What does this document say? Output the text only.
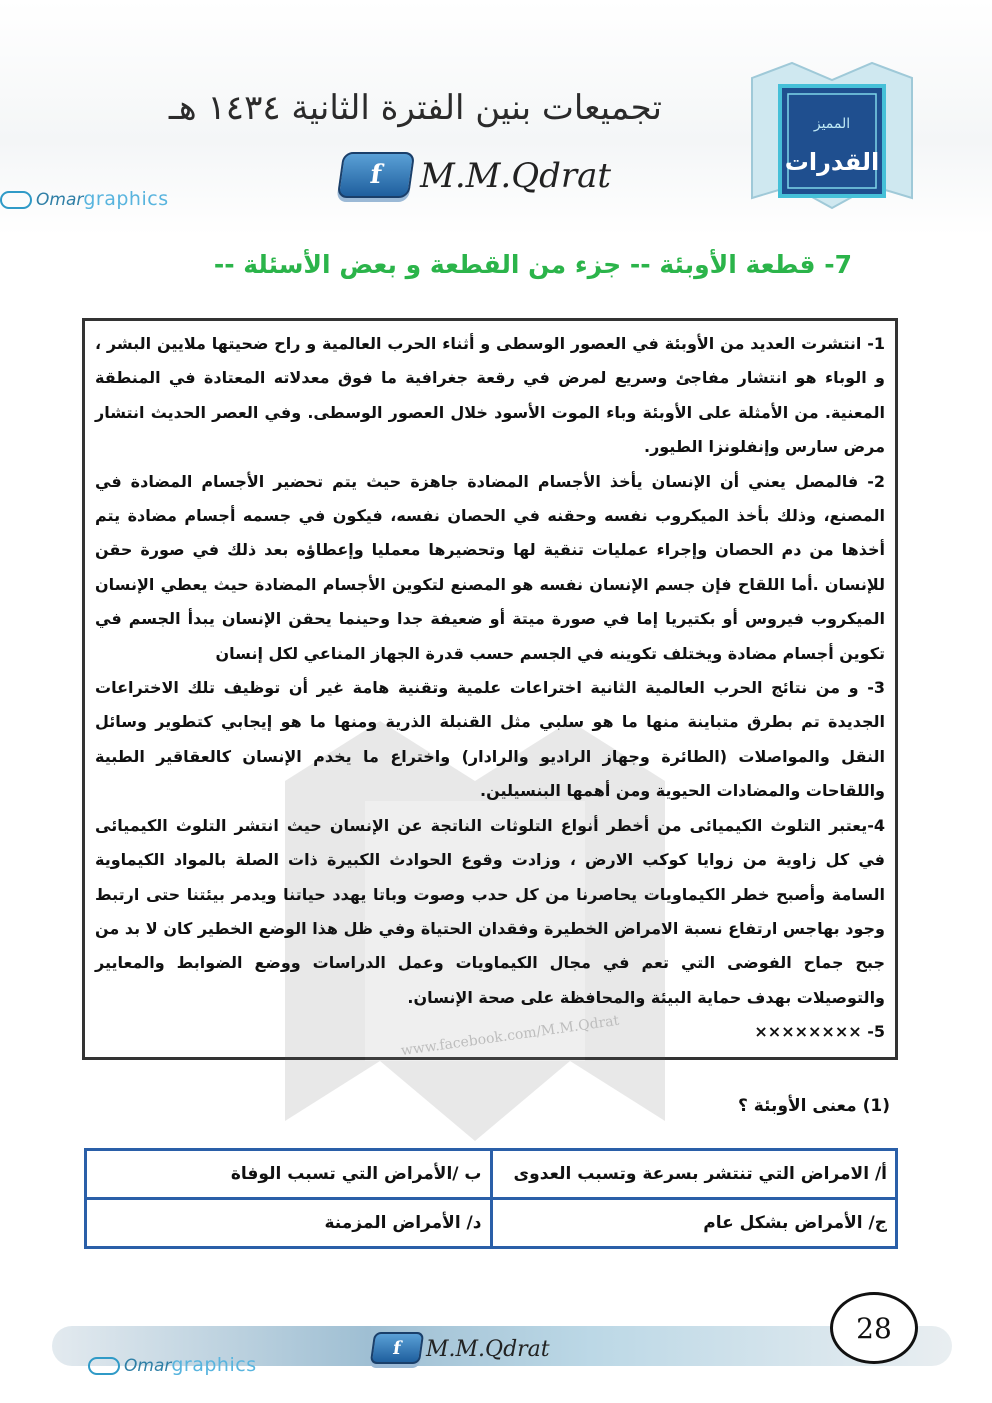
تجميعات بنين الفترة الثانية ١٤٣٤ هـ
f M.M.Qdrat
Omargraphics
القدرات
المميز
7- قطعة الأوبئة -- جزء من القطعة و بعض الأسئلة --

1- انتشرت العديد من الأوبئة في العصور الوسطى و أثناء الحرب العالمية و راح ضحيتها ملايين البشر ، و الوباء هو انتشار مفاجئ وسريع لمرض في رقعة جغرافية ما فوق معدلاته المعتادة في المنطقة المعنية. من الأمثلة على الأوبئة وباء الموت الأسود خلال العصور الوسطى. وفي العصر الحديث انتشار مرض سارس وإنفلونزا الطيور.

2- فالمصل يعني أن الإنسان يأخذ الأجسام المضادة جاهزة حيث يتم تحضير الأجسام المضادة في المصنع، وذلك بأخذ الميكروب نفسه وحقنه في الحصان نفسه، فيكون في جسمه أجسام مضادة يتم أخذها من دم الحصان وإجراء عمليات تنقية لها وتحضيرها معمليا وإعطاؤه بعد ذلك في صورة حقن للإنسان .أما اللقاح فإن جسم الإنسان نفسه هو المصنع لتكوين الأجسام المضادة حيث يعطي الإنسان الميكروب فيروس أو بكتيريا إما في صورة ميتة أو ضعيفة جدا وحينما يحقن الإنسان يبدأ الجسم في تكوين أجسام مضادة ويختلف تكوينه في الجسم حسب قدرة الجهاز المناعي لكل إنسان

3- و من نتائج الحرب العالمية الثانية اختراعات علمية وتقنية هامة غير أن توظيف تلك الاختراعات الجديدة تم بطرق متباينة منها ما هو سلبي مثل القنبلة الذرية ومنها ما هو إيجابي كتطوير وسائل النقل والمواصلات (الطائرة وجهاز الراديو والرادار) واختراع ما يخدم الإنسان كالعقاقير الطبية واللقاحات والمضادات الحيوية ومن أهمها البنسيلين.

4-يعتبر التلوث الكيميائى من أخطر أنواع التلوثات الناتجة عن الإنسان حيث انتشر التلوث الكيميائى في كل زاوية من زوايا كوكب الارض ، وزادت وقوع الحوادث الكبيرة ذات الصلة بالمواد الكيماوية السامة وأصبح خطر الكيماويات يحاصرنا من كل حدب وصوت وباتا يهدد حياتنا ويدمر بيئتنا حتى ارتبط وجود بهاجس ارتفاع نسبة الامراض الخطيرة وفقدان الحتياة وفي ظل هذا الوضع الخطير كان لا بد من جبح جماح الفوضى التي تعم في مجال الكيماويات وعمل الدراسات ووضع الضوابط والمعايير والتوصيلات بهدف حماية البيئة والمحافظة على صحة الإنسان.

5- ××××××××

www.facebook.com/M.M.Qdrat
(1) معنى الأوبئة ؟
أ/ الامراض التي تنتشر بسرعة وتسبب العدوى	ب /الأمراض التي تسبب الوفاة
ج/ الأمراض بشكل عام	د/ الأمراض المزمنة
Omargraphics
f M.M.Qdrat
28
